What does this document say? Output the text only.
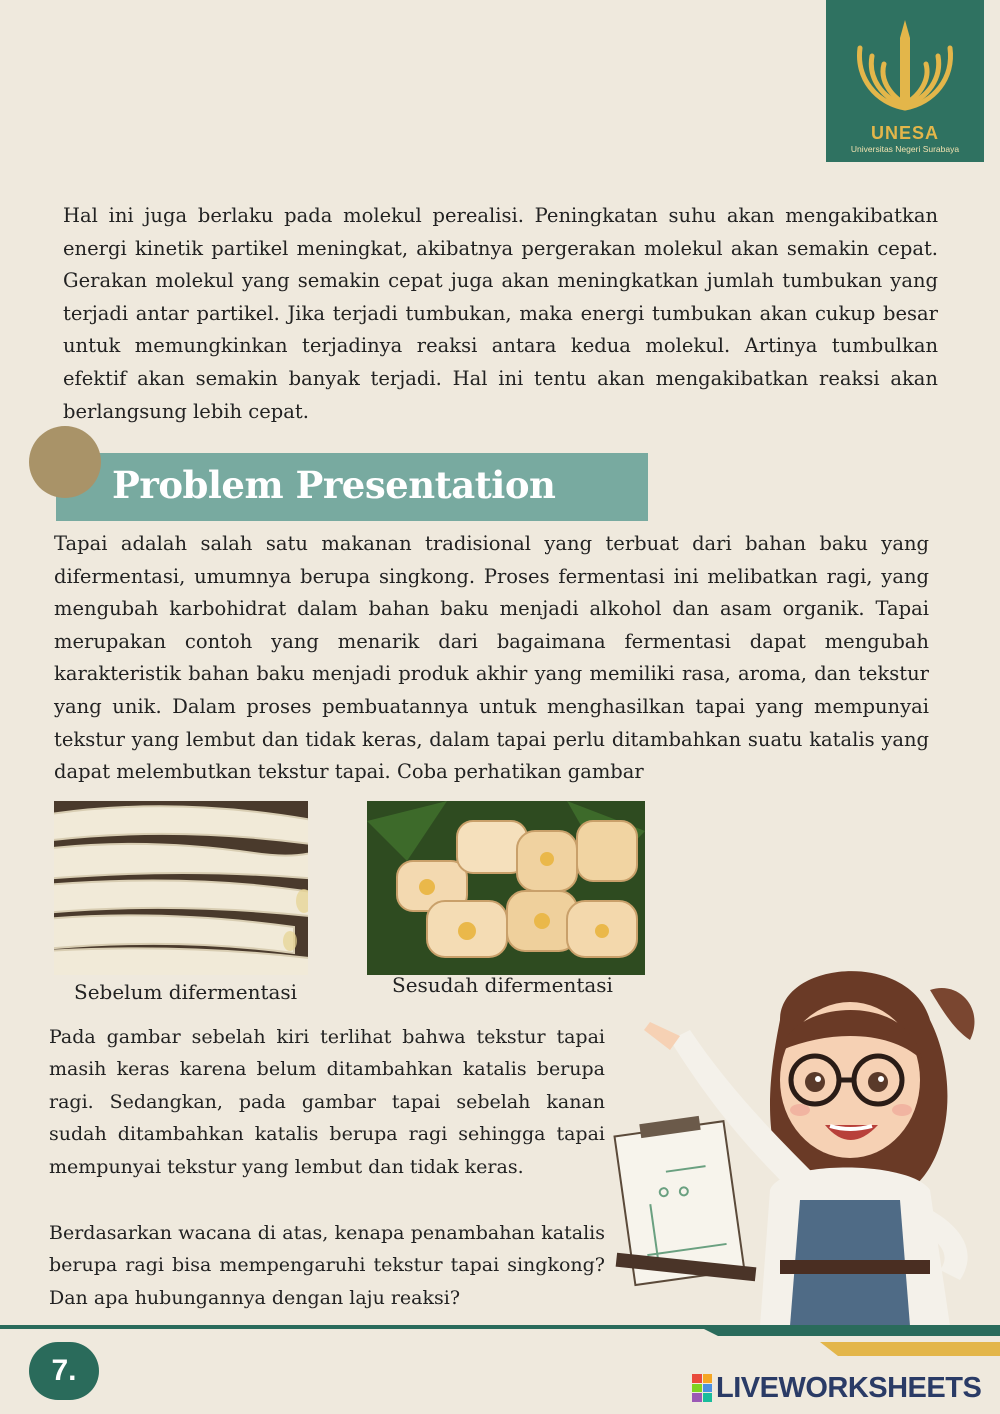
UNESA
Universitas Negeri Surabaya

Hal ini juga berlaku pada molekul perealisi. Peningkatan suhu akan mengakibatkan energi kinetik partikel meningkat, akibatnya pergerakan molekul akan semakin cepat. Gerakan molekul yang semakin cepat juga akan meningkatkan jumlah tumbukan yang terjadi antar partikel. Jika terjadi tumbukan, maka energi tumbukan akan cukup besar untuk memungkinkan terjadinya reaksi antara kedua molekul. Artinya tumbulkan efektif akan semakin banyak terjadi. Hal ini tentu akan mengakibatkan reaksi akan berlangsung lebih cepat.

Problem Presentation

Tapai adalah salah satu makanan tradisional yang terbuat dari bahan baku yang difermentasi, umumnya berupa singkong. Proses fermentasi ini melibatkan ragi, yang mengubah karbohidrat dalam bahan baku menjadi alkohol dan asam organik. Tapai merupakan contoh yang menarik dari bagaimana fermentasi dapat mengubah karakteristik bahan baku menjadi produk akhir yang memiliki rasa, aroma, dan tekstur yang unik. Dalam proses pembuatannya untuk menghasilkan tapai yang mempunyai tekstur yang lembut dan tidak keras, dalam tapai perlu ditambahkan suatu katalis yang dapat melembutkan tekstur tapai. Coba perhatikan gambar

Sebelum difermentasi	Sesudah difermentasi

Pada gambar sebelah kiri terlihat bahwa tekstur tapai masih keras karena belum ditambahkan katalis berupa ragi. Sedangkan, pada gambar tapai sebelah kanan sudah ditambahkan katalis berupa ragi sehingga tapai mempunyai tekstur yang lembut dan tidak keras.

Berdasarkan wacana di atas, kenapa penambahan katalis berupa ragi bisa mempengaruhi tekstur tapai singkong? Dan apa hubungannya dengan laju reaksi?

7.
LIVEWORKSHEETS
